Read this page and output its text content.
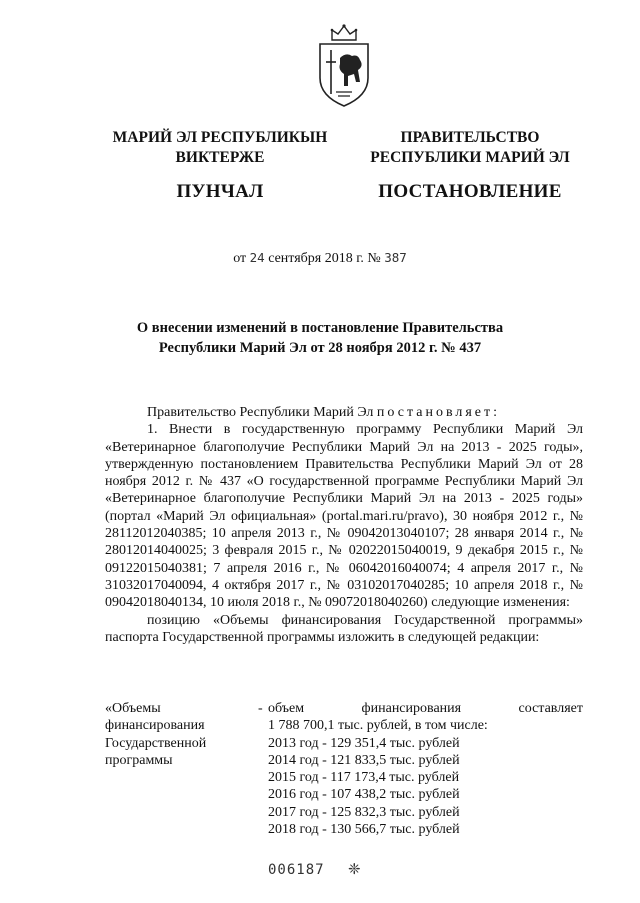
МАРИЙ ЭЛ РЕСПУБЛИКЫН
ВИКТЕРЖЕ
ПУНЧАЛ
ПРАВИТЕЛЬСТВО
РЕСПУБЛИКИ МАРИЙ ЭЛ
ПОСТАНОВЛЕНИЕ
от 24 сентября 2018 г. № 387
О внесении изменений в постановление Правительства
Республики Марий Эл от 28 ноября 2012 г. № 437

Правительство Республики Марий Эл постановляет:

1. Внести в государственную программу Республики Марий Эл «Ветеринарное благополучие Республики Марий Эл на 2013 - 2025 годы», утвержденную постановлением Правительства Республики Марий Эл от 28 ноября 2012 г. № 437 «О государственной программе Республики Марий Эл «Ветеринарное благополучие Республики Марий Эл на 2013 - 2025 годы» (портал «Марий Эл официальная» (portal.mari.ru/pravo), 30 ноября 2012 г., № 28112012040385; 10 апреля 2013 г., № 09042013040107; 28 января 2014 г., № 28012014040025; 3 февраля 2015 г., № 02022015040019, 9 декабря 2015 г., № 09122015040381; 7 апреля 2016 г., № 06042016040074; 4 апреля 2017 г., № 31032017040094, 4 октября 2017 г., № 03102017040285; 10 апреля 2018 г., № 09042018040134, 10 июля 2018 г., № 09072018040260) следующие изменения:

позицию «Объемы финансирования Государственной программы» паспорта Государственной программы изложить в следующей редакции:

«Объемы
финансирования
Государственной
программы
- объем	финансирования	составляет
1 788 700,1 тыс. рублей, в том числе:
2013 год - 129 351,4 тыс. рублей
2014 год - 121 833,5 тыс. рублей
2015 год - 117 173,4 тыс. рублей
2016 год - 107 438,2 тыс. рублей
2017 год - 125 832,3 тыс. рублей
2018 год - 130 566,7 тыс. рублей
006187 ❈
